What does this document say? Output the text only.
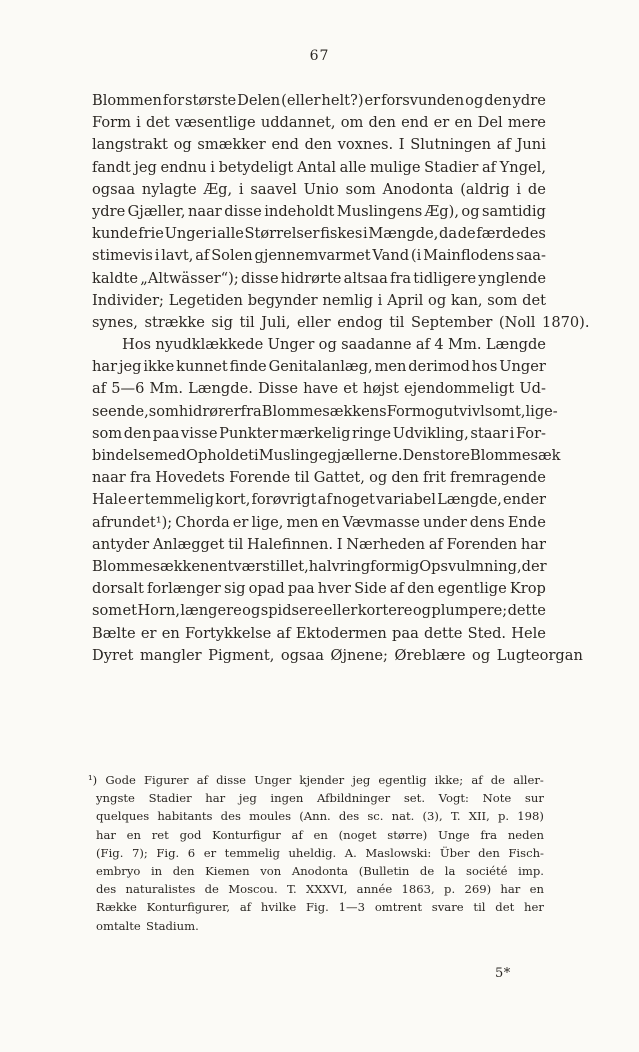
67
Blommen for største Delen (eller helt?) er forsvunden og den ydre
Form i det væsentlige uddannet, om den end er en Del mere
langstrakt og smækker end den voxnes. I Slutningen af Juni
fandt jeg endnu i betydeligt Antal alle mulige Stadier af Yngel,
ogsaa nylagte Æg, i saavel Unio som Anodonta (aldrig i de
ydre Gjæller, naar disse indeholdt Muslingens Æg), og samtidig
kunde frie Unger i alle Størrelser fiskes i Mængde, da de færdedes
stimevis i lavt, af Solen gjennemvarmet Vand (i Mainflodens saa-
kaldte „Altwässer“); disse hidrørte altsaa fra tidligere ynglende
Individer; Legetiden begynder nemlig i April og kan, som det
synes, strække sig til Juli, eller endog til September (Noll 1870).
Hos nyudklækkede Unger og saadanne af 4 Mm. Længde
har jeg ikke kunnet finde Genitalanlæg, men derimod hos Unger
af 5—6 Mm. Længde. Disse have et højst ejendommeligt Ud-
seende, som hidrører fra Blommesækkens Form og utvivlsomt, lige-
som den paa visse Punkter mærkelig ringe Udvikling, staar i For-
bindelse med Opholdet i Muslingegjællerne. Den store Blommesæk
naar fra Hovedets Forende til Gattet, og den frit fremragende
Hale er temmelig kort, forøvrigt af noget variabel Længde, ender
afrundet¹); Chorda er lige, men en Vævmasse under dens Ende
antyder Anlægget til Halefinnen. I Nærheden af Forenden har
Blommesækken en tværstillet, halvringformig Opsvulmning, der
dorsalt forlænger sig opad paa hver Side af den egentlige Krop
som et Horn, længere og spidsere eller kortere og plumpere; dette
Bælte er en Fortykkelse af Ektodermen paa dette Sted. Hele
Dyret mangler Pigment, ogsaa Øjnene; Øreblære og Lugteorgan
¹) Gode Figurer af disse Unger kjender jeg egentlig ikke; af de aller-
yngste Stadier har jeg ingen Afbildninger set. Vogt: Note sur
quelques habitants des moules (Ann. des sc. nat. (3), T. XII, p. 198)
har en ret god Konturfigur af en (noget større) Unge fra neden
(Fig. 7); Fig. 6 er temmelig uheldig. A. Maslowski: Über den Fisch-
embryo in den Kiemen von Anodonta (Bulletin de la société imp.
des naturalistes de Moscou. T. XXXVI, année 1863, p. 269) har en
Række Konturfigurer, af hvilke Fig. 1—3 omtrent svare til det her
omtalte Stadium.
5*
